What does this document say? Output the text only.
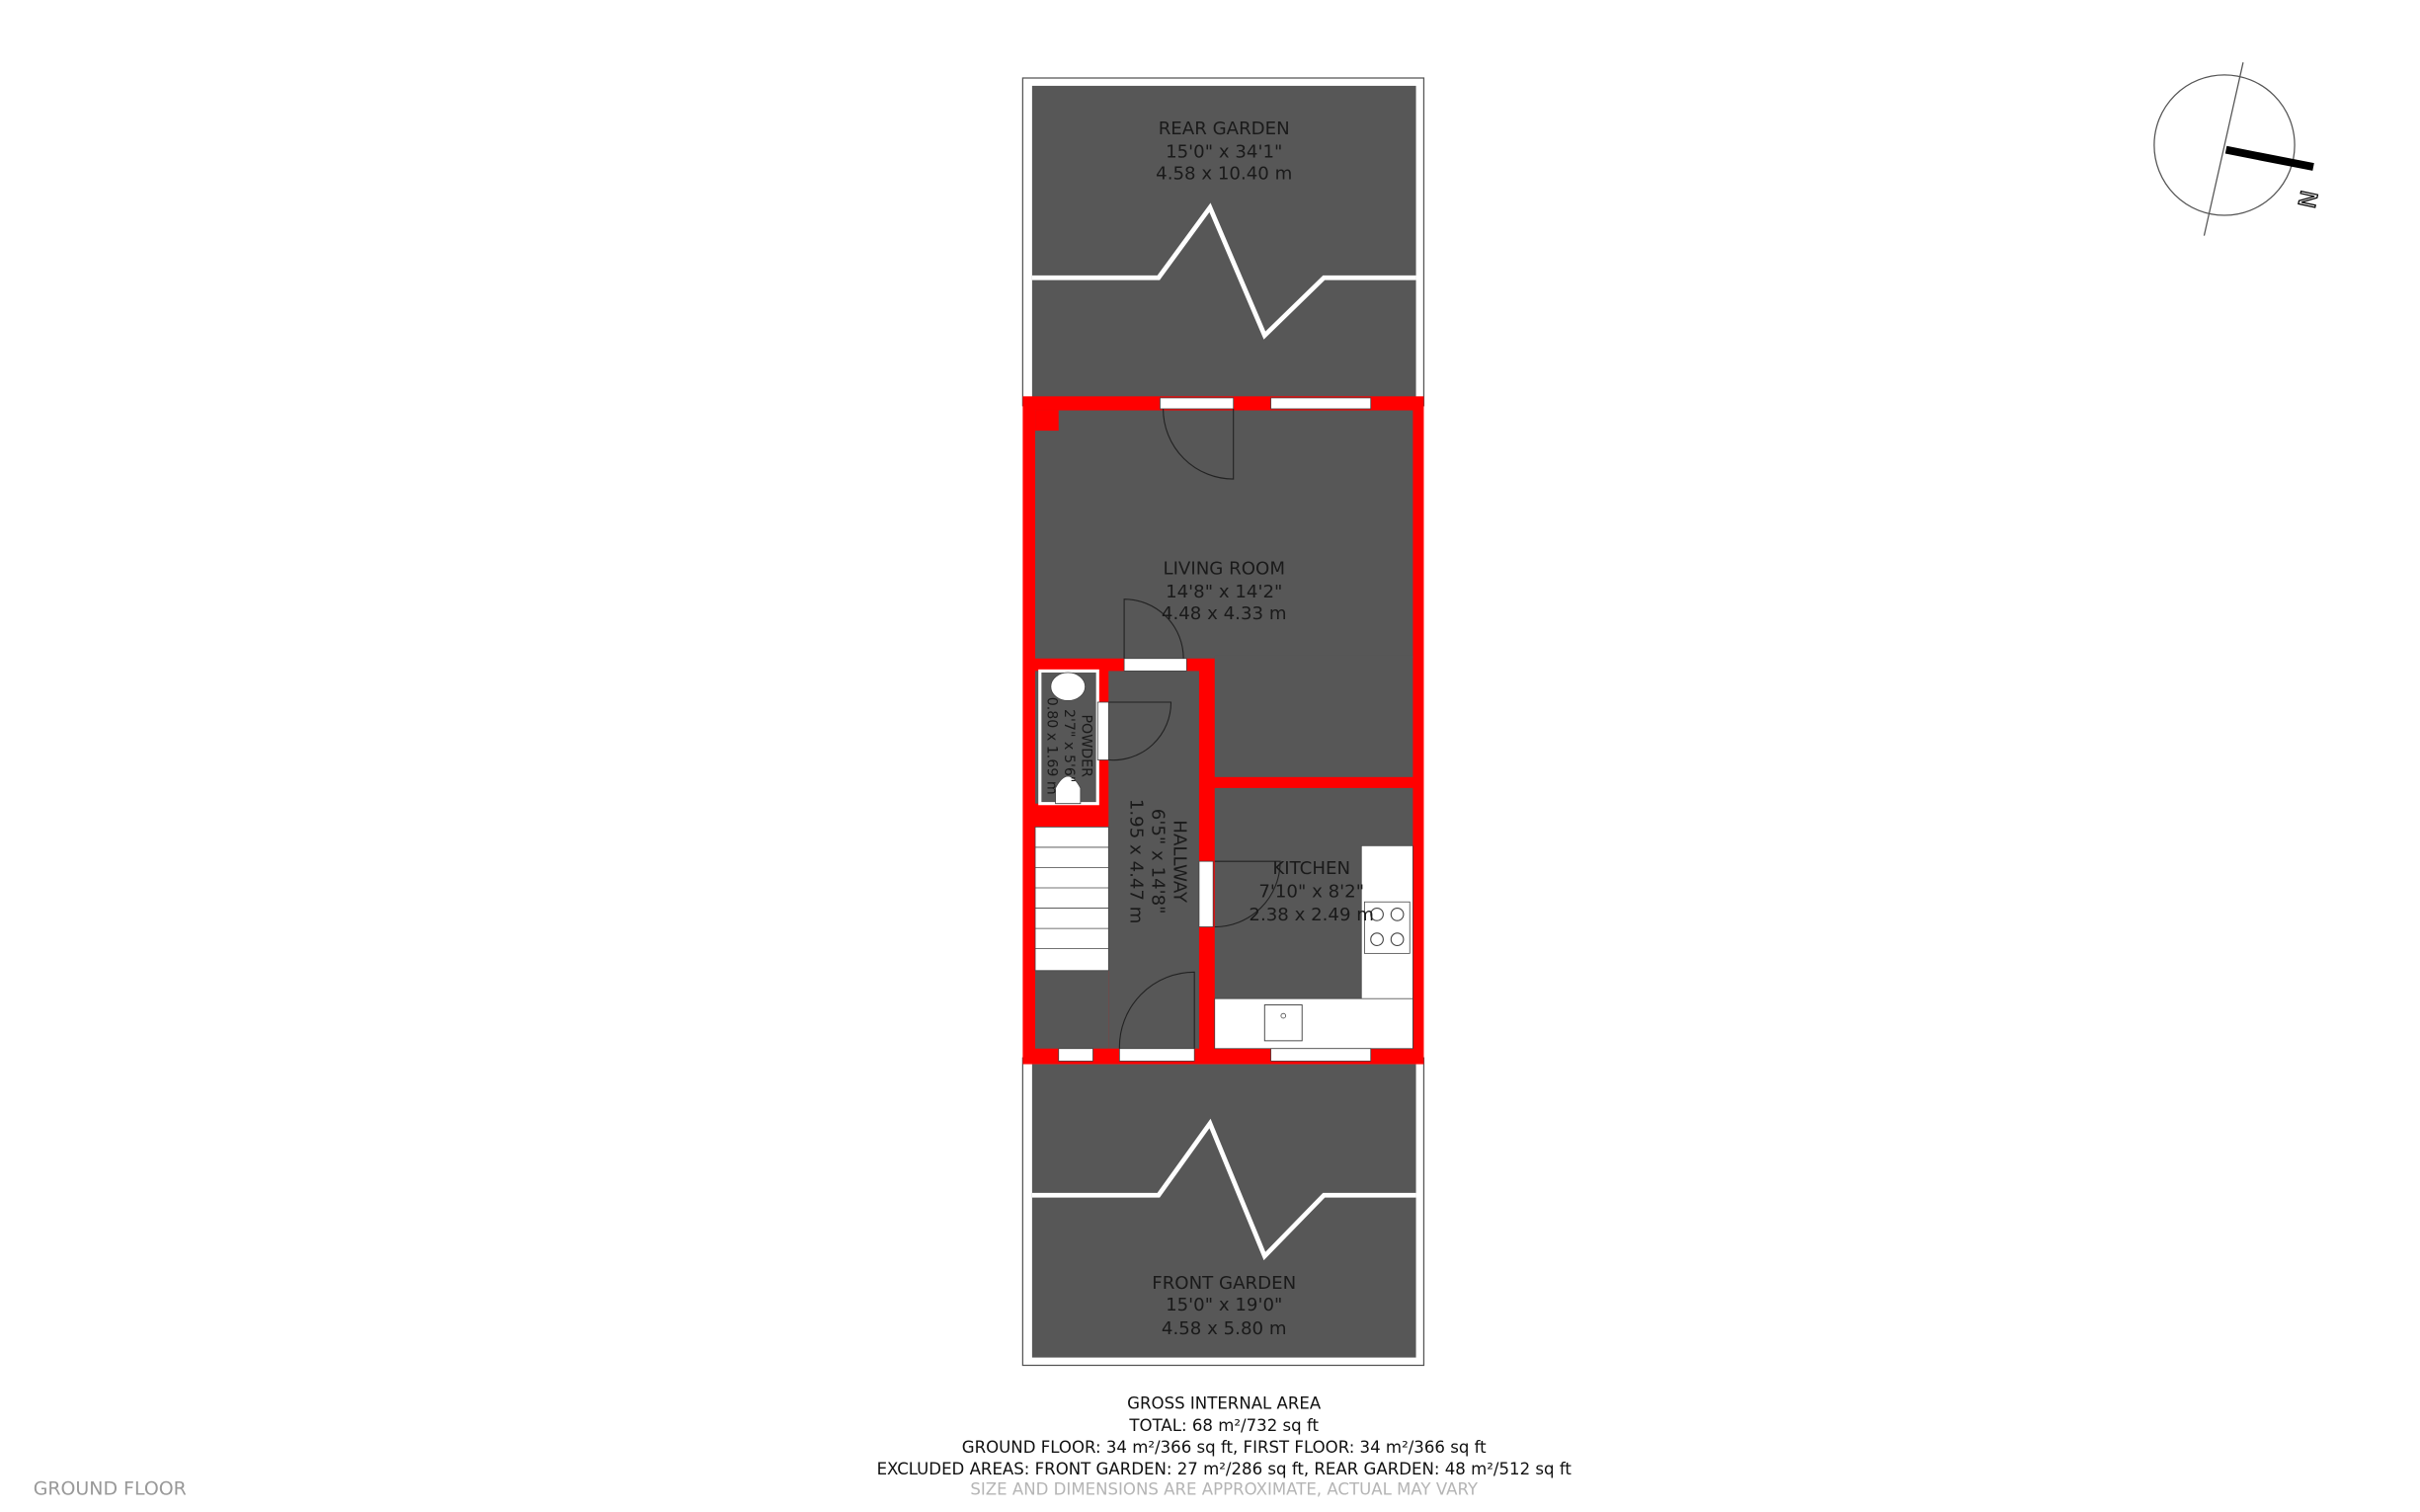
REAR GARDEN
15'0" x 34'1"
4.58 x 10.40 m
FRONT GARDEN
15'0" x 19'0"
4.58 x 5.80 m
LIVING ROOM
14'8" x 14'2"
4.48 x 4.33 m
KITCHEN
7'10" x 8'2"
2.38 x 2.49 m
HALLWAY
6'5" x 14'8"
1.95 x 4.47 m
POWDER
2'7" x 5'6"
0.80 x 1.69 m
N
GROSS INTERNAL AREA
TOTAL: 68 m²/732 sq ft
GROUND FLOOR: 34 m²/366 sq ft, FIRST FLOOR: 34 m²/366 sq ft
EXCLUDED AREAS: FRONT GARDEN: 27 m²/286 sq ft, REAR GARDEN: 48 m²/512 sq ft
SIZE AND DIMENSIONS ARE APPROXIMATE, ACTUAL MAY VARY
GROUND FLOOR
